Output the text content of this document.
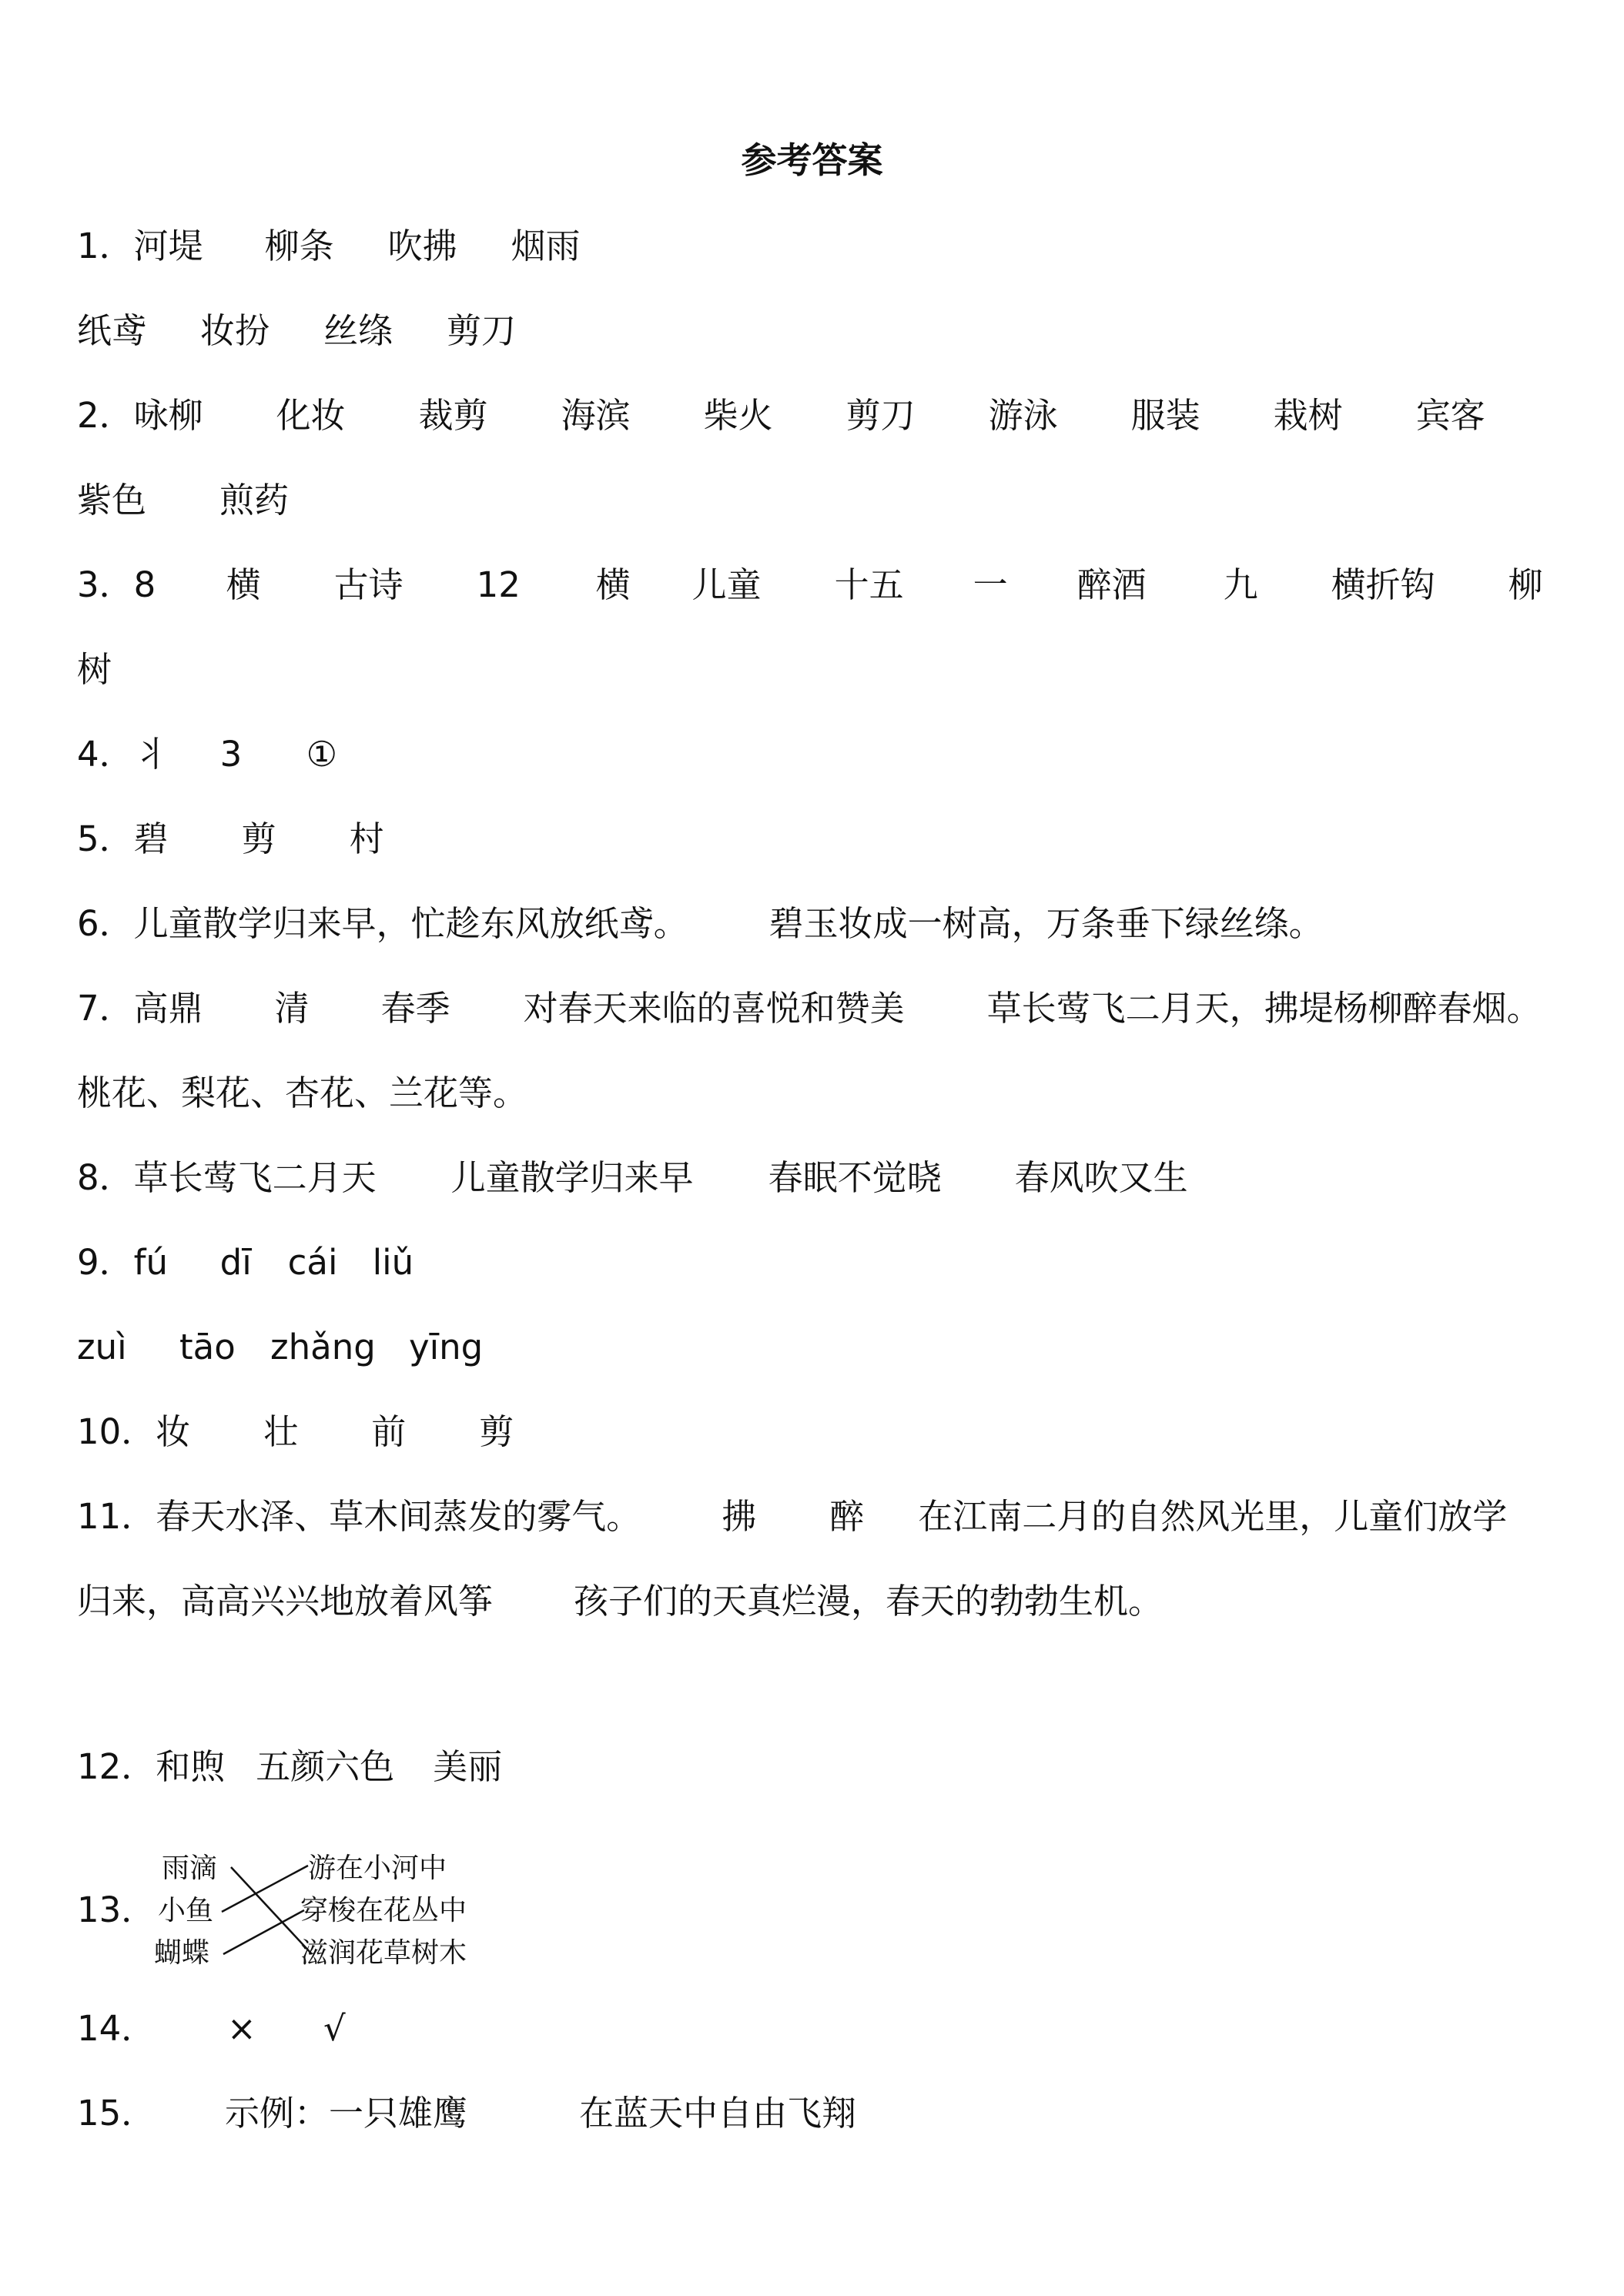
参考答案
1．河堤 柳条 吹拂 烟雨
纸鸢 妆扮 丝绦 剪刀
2．咏柳 化妆 裁剪 海滨 柴火 剪刀 游泳 服装 栽树 宾客
紫色 煎药
3．8 横 古诗 12 横 儿童 十五 一 醉酒 九 横折钩 柳
树
4．丬 3 ①
5．碧 剪 村
6．儿童散学归来早，忙趁东风放纸鸢。 碧玉妆成一树高，万条垂下绿丝绦。
7．高鼎 清 春季 对春天来临的喜悦和赞美 草长莺飞二月天，拂堤杨柳醉春烟。
桃花、梨花、杏花、兰花等。
8．草长莺飞二月天 儿童散学归来早 春眠不觉晓 春风吹又生
9．fú dī cái liǔ
zuì tāo zhǎng yīng
10．妆 壮 前 剪
11．春天水泽、草木间蒸发的雾气。 拂 醉 在江南二月的自然风光里，儿童们放学
归来，高高兴兴地放着风筝 孩子们的天真烂漫，春天的勃勃生机。
12．和煦 五颜六色 美丽
13．
雨滴
小鱼
蝴蝶
游在小河中
穿梭在花丛中
滋润花草树木
14． × √
15． 示例：一只雄鹰	在蓝天中自由飞翔
